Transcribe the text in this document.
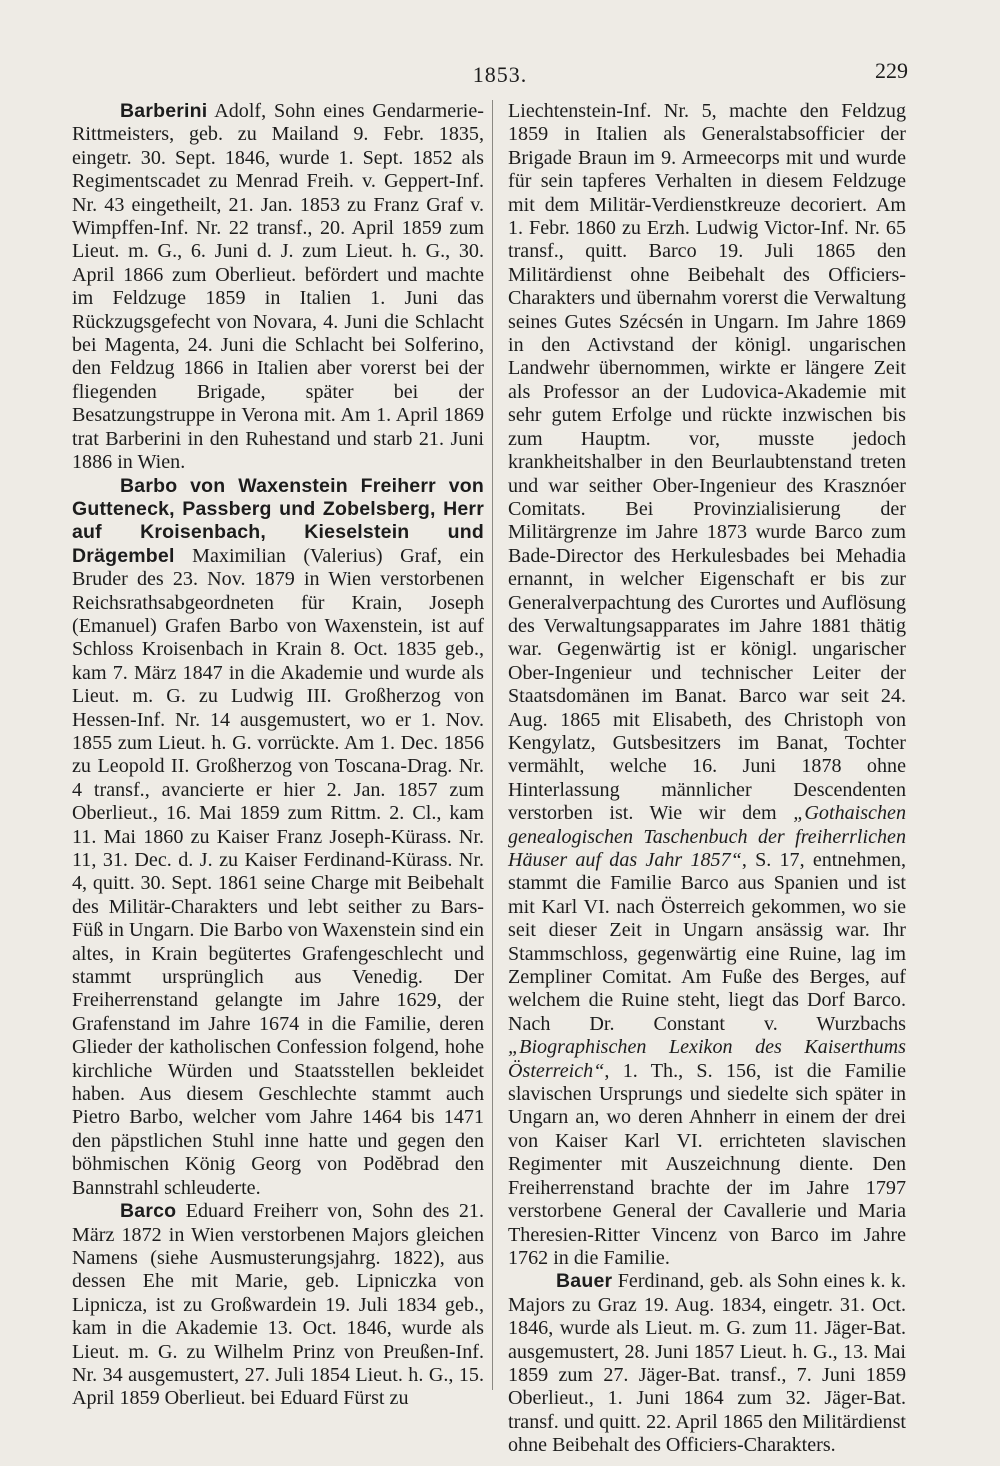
1853.	229

Barberini Adolf, Sohn eines Gendarmerie-Rittmeisters, geb. zu Mailand 9. Febr. 1835, eingetr. 30. Sept. 1846, wurde 1. Sept. 1852 als Regimentscadet zu Menrad Freih. v. Geppert-Inf. Nr. 43 eingetheilt, 21. Jan. 1853 zu Franz Graf v. Wimpffen-Inf. Nr. 22 transf., 20. April 1859 zum Lieut. m. G., 6. Juni d. J. zum Lieut. h. G., 30. April 1866 zum Oberlieut. befördert und machte im Feldzuge 1859 in Italien 1. Juni das Rückzugsgefecht von Novara, 4. Juni die Schlacht bei Magenta, 24. Juni die Schlacht bei Solferino, den Feldzug 1866 in Italien aber vorerst bei der fliegenden Brigade, später bei der Besatzungstruppe in Verona mit. Am 1. April 1869 trat Barberini in den Ruhestand und starb 21. Juni 1886 in Wien.

Barbo von Waxenstein Freiherr von Gutteneck, Passberg und Zobelsberg, Herr auf Kroisenbach, Kieselstein und Drägembel Maximilian (Valerius) Graf, ein Bruder des 23. Nov. 1879 in Wien verstorbenen Reichsrathsabgeordneten für Krain, Joseph (Emanuel) Grafen Barbo von Waxenstein, ist auf Schloss Kroisenbach in Krain 8. Oct. 1835 geb., kam 7. März 1847 in die Akademie und wurde als Lieut. m. G. zu Ludwig III. Großherzog von Hessen-Inf. Nr. 14 ausgemustert, wo er 1. Nov. 1855 zum Lieut. h. G. vorrückte. Am 1. Dec. 1856 zu Leopold II. Großherzog von Toscana-Drag. Nr. 4 transf., avancierte er hier 2. Jan. 1857 zum Oberlieut., 16. Mai 1859 zum Rittm. 2. Cl., kam 11. Mai 1860 zu Kaiser Franz Joseph-Kürass. Nr. 11, 31. Dec. d. J. zu Kaiser Ferdinand-Kürass. Nr. 4, quitt. 30. Sept. 1861 seine Charge mit Beibehalt des Militär-Charakters und lebt seither zu Bars-Füß in Ungarn. Die Barbo von Waxenstein sind ein altes, in Krain begütertes Grafengeschlecht und stammt ursprünglich aus Venedig. Der Freiherrenstand gelangte im Jahre 1629, der Grafenstand im Jahre 1674 in die Familie, deren Glieder der katholischen Confession folgend, hohe kirchliche Würden und Staatsstellen bekleidet haben. Aus diesem Geschlechte stammt auch Pietro Barbo, welcher vom Jahre 1464 bis 1471 den päpstlichen Stuhl inne hatte und gegen den böhmischen König Georg von Podĕbrad den Bannstrahl schleuderte.

Barco Eduard Freiherr von, Sohn des 21. März 1872 in Wien verstorbenen Majors gleichen Namens (siehe Ausmusterungsjahrg. 1822), aus dessen Ehe mit Marie, geb. Lipniczka von Lipnicza, ist zu Großwardein 19. Juli 1834 geb., kam in die Akademie 13. Oct. 1846, wurde als Lieut. m. G. zu Wilhelm Prinz von Preußen-Inf. Nr. 34 ausgemustert, 27. Juli 1854 Lieut. h. G., 15. April 1859 Oberlieut. bei Eduard Fürst zu

Liechtenstein-Inf. Nr. 5, machte den Feldzug 1859 in Italien als Generalstabsofficier der Brigade Braun im 9. Armeecorps mit und wurde für sein tapferes Verhalten in diesem Feldzuge mit dem Militär-Verdienstkreuze decoriert. Am 1. Febr. 1860 zu Erzh. Ludwig Victor-Inf. Nr. 65 transf., quitt. Barco 19. Juli 1865 den Militärdienst ohne Beibehalt des Officiers-Charakters und übernahm vorerst die Verwaltung seines Gutes Szécsén in Ungarn. Im Jahre 1869 in den Activstand der königl. ungarischen Landwehr übernommen, wirkte er längere Zeit als Professor an der Ludovica-Akademie mit sehr gutem Erfolge und rückte inzwischen bis zum Hauptm. vor, musste jedoch krankheitshalber in den Beurlaubtenstand treten und war seither Ober-Ingenieur des Krasznóer Comitats. Bei Provinzialisierung der Militärgrenze im Jahre 1873 wurde Barco zum Bade-Director des Herkulesbades bei Mehadia ernannt, in welcher Eigenschaft er bis zur Generalverpachtung des Curortes und Auflösung des Verwaltungsapparates im Jahre 1881 thätig war. Gegenwärtig ist er königl. ungarischer Ober-Ingenieur und technischer Leiter der Staatsdomänen im Banat. Barco war seit 24. Aug. 1865 mit Elisabeth, des Christoph von Kengylatz, Gutsbesitzers im Banat, Tochter vermählt, welche 16. Juni 1878 ohne Hinterlassung männlicher Descendenten verstorben ist. Wie wir dem „Gothaischen genealogischen Taschenbuch der freiherrlichen Häuser auf das Jahr 1857“, S. 17, entnehmen, stammt die Familie Barco aus Spanien und ist mit Karl VI. nach Österreich gekommen, wo sie seit dieser Zeit in Ungarn ansässig war. Ihr Stammschloss, gegenwärtig eine Ruine, lag im Zempliner Comitat. Am Fuße des Berges, auf welchem die Ruine steht, liegt das Dorf Barco. Nach Dr. Constant v. Wurzbachs „Biographischen Lexikon des Kaiserthums Österreich“, 1. Th., S. 156, ist die Familie slavischen Ursprungs und siedelte sich später in Ungarn an, wo deren Ahnherr in einem der drei von Kaiser Karl VI. errichteten slavischen Regimenter mit Auszeichnung diente. Den Freiherrenstand brachte der im Jahre 1797 verstorbene General der Cavallerie und Maria Theresien-Ritter Vincenz von Barco im Jahre 1762 in die Familie.

Bauer Ferdinand, geb. als Sohn eines k. k. Majors zu Graz 19. Aug. 1834, eingetr. 31. Oct. 1846, wurde als Lieut. m. G. zum 11. Jäger-Bat. ausgemustert, 28. Juni 1857 Lieut. h. G., 13. Mai 1859 zum 27. Jäger-Bat. transf., 7. Juni 1859 Oberlieut., 1. Juni 1864 zum 32. Jäger-Bat. transf. und quitt. 22. April 1865 den Militärdienst ohne Beibehalt des Officiers-Charakters.
